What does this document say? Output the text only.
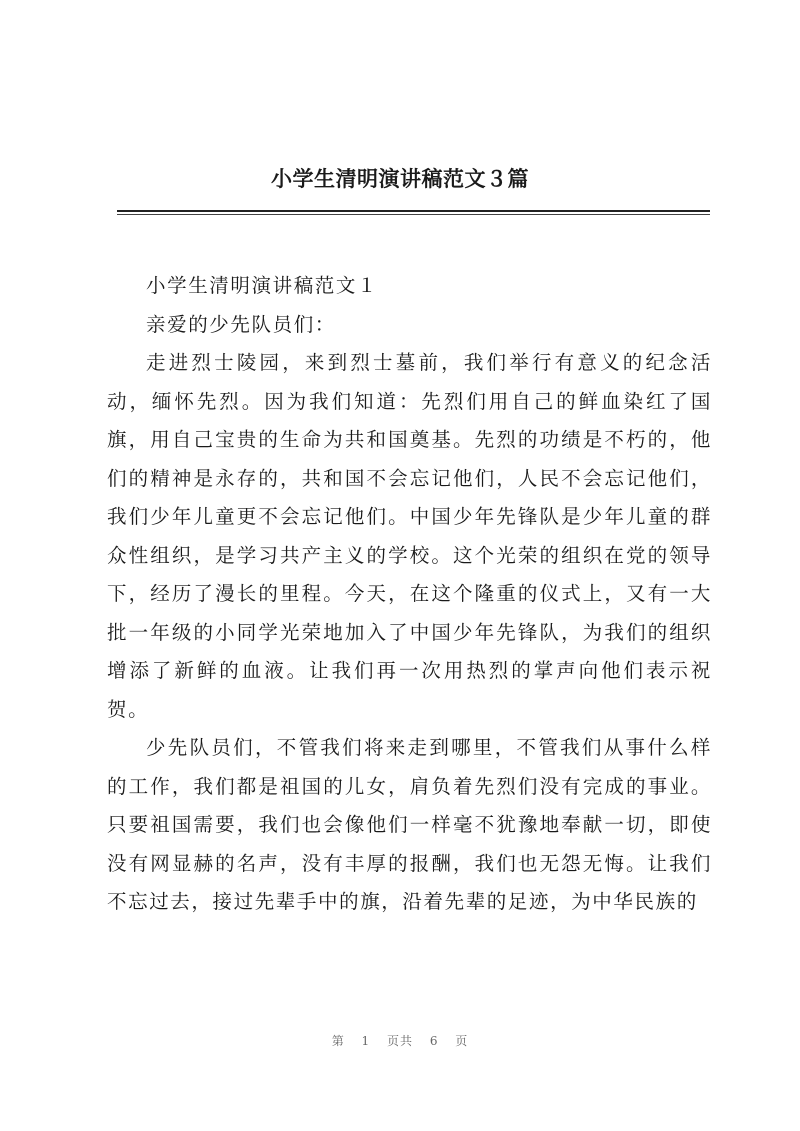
小学生清明演讲稿范文３篇

小学生清明演讲稿范文１

亲爱的少先队员们：

走进烈士陵园，来到烈士墓前，我们举行有意义的纪念活动，缅怀先烈。因为我们知道：先烈们用自己的鲜血染红了国旗，用自己宝贵的生命为共和国奠基。先烈的功绩是不朽的，他们的精神是永存的，共和国不会忘记他们，人民不会忘记他们，我们少年儿童更不会忘记他们。中国少年先锋队是少年儿童的群众性组织，是学习共产主义的学校。这个光荣的组织在党的领导下，经历了漫长的里程。今天，在这个隆重的仪式上，又有一大批一年级的小同学光荣地加入了中国少年先锋队，为我们的组织增添了新鲜的血液。让我们再一次用热烈的掌声向他们表示祝贺。

少先队员们，不管我们将来走到哪里，不管我们从事什么样的工作，我们都是祖国的儿女，肩负着先烈们没有完成的事业。只要祖国需要，我们也会像他们一样毫不犹豫地奉献一切，即使没有网显赫的名声，没有丰厚的报酬，我们也无怨无悔。让我们不忘过去，接过先辈手中的旗，沿着先辈的足迹，为中华民族的

第 1 页共 6 页
